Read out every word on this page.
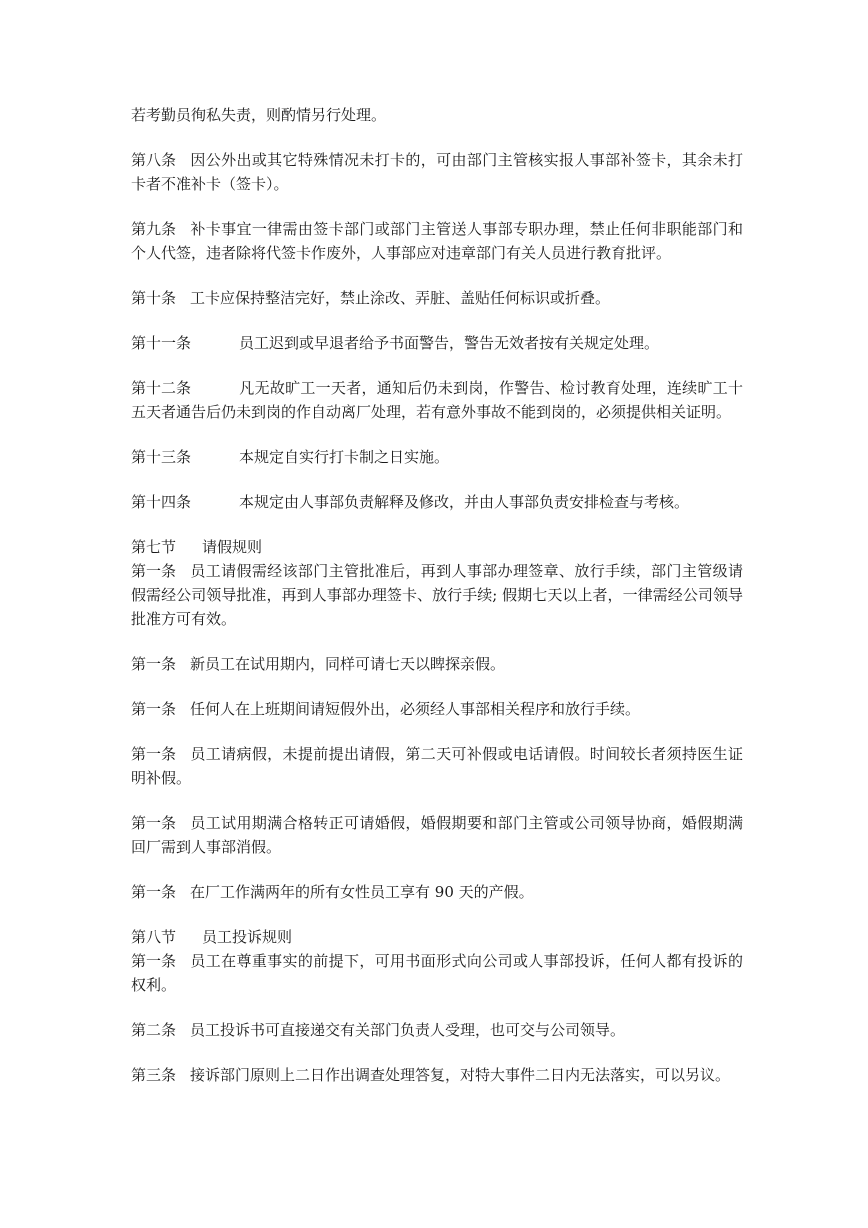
若考勤员徇私失责，则酌情另行处理。

第八条 因公外出或其它特殊情况未打卡的，可由部门主管核实报人事部补签卡，其余未打卡者不准补卡（签卡）。

第九条 补卡事宜一律需由签卡部门或部门主管送人事部专职办理，禁止任何非职能部门和个人代签，违者除将代签卡作废外，人事部应对违章部门有关人员进行教育批评。

第十条 工卡应保持整洁完好，禁止涂改、弄脏、盖贴任何标识或折叠。

第十一条	员工迟到或早退者给予书面警告，警告无效者按有关规定处理。

第十二条	凡无故旷工一天者，通知后仍未到岗，作警告、检讨教育处理，连续旷工十五天者通告后仍未到岗的作自动离厂处理，若有意外事故不能到岗的，必须提供相关证明。

第十三条	本规定自实行打卡制之日实施。

第十四条	本规定由人事部负责解释及修改，并由人事部负责安排检查与考核。

第七节 请假规则

第一条 员工请假需经该部门主管批准后，再到人事部办理签章、放行手续，部门主管级请假需经公司领导批准，再到人事部办理签卡、放行手续; 假期七天以上者，一律需经公司领导批准方可有效。

第一条 新员工在试用期内，同样可请七天以睥探亲假。

第一条 任何人在上班期间请短假外出，必须经人事部相关程序和放行手续。

第一条 员工请病假，未提前提出请假，第二天可补假或电话请假。时间较长者须持医生证明补假。

第一条 员工试用期满合格转正可请婚假，婚假期要和部门主管或公司领导协商，婚假期满回厂需到人事部消假。

第一条 在厂工作满两年的所有女性员工享有 90 天的产假。

第八节 员工投诉规则

第一条 员工在尊重事实的前提下，可用书面形式向公司或人事部投诉，任何人都有投诉的权利。

第二条 员工投诉书可直接递交有关部门负责人受理，也可交与公司领导。

第三条 接诉部门原则上二日作出调查处理答复，对特大事件二日内无法落实，可以另议。
